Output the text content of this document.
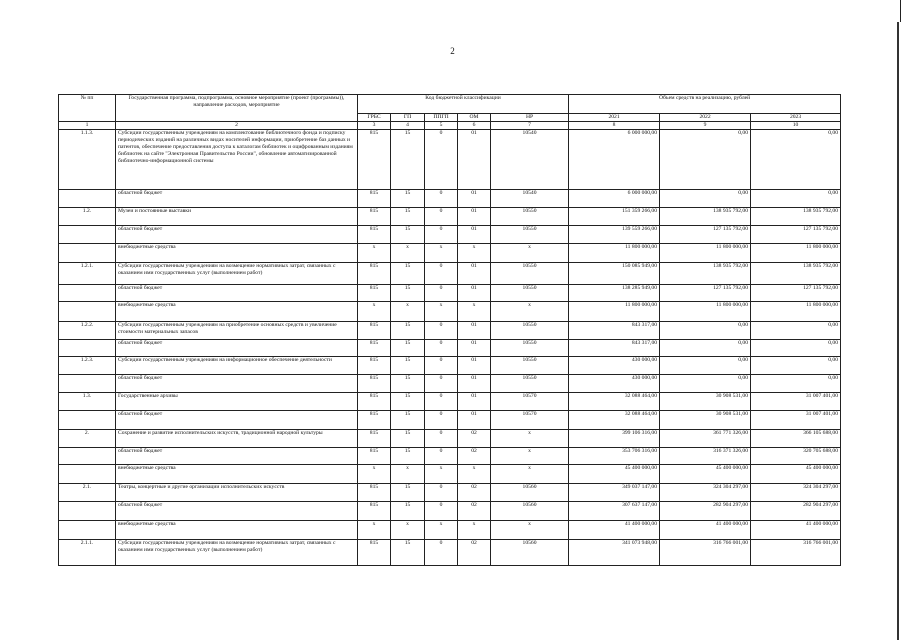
2
№ пп	Государственная программа, подпрограмма, основное мероприятие (проект (программы)), направление расходов, мероприятие	Код бюджетной классификации					Объем средств на реализацию, рублей		
		ГРБС	ГП	ППГП	ОМ	НР	2021	2022	2023
1	2	3	4	5	6	7	8	9	10
1.1.3.	Субсидии государственным учреждениям на комплектование библиотечного фонда и подписку периодических изданий на различных видах носителей информации, приобретение баз данных и патентов, обеспечение предоставления доступа к каталогам библиотек и оцифрованным изданиям библиотек на сайте "Электронная Правительство России", обновление автоматизированной библиотечно-информационной системы	815	15	0	01	10540	6 000 000,00	0,00	0,00
	областной бюджет	815	15	0	01	10540	6 000 000,00	0,00	0,00
1.2.	Музеи и постоянные выставки	815	15	0	01	10550	151 359 266,00	138 935 792,00	138 935 792,00
	областной бюджет	815	15	0	01	10550	139 559 266,00	127 135 792,00	127 135 792,00
	внебюджетные средства	х	х	х	х	х	11 800 000,00	11 800 000,00	11 800 000,00
1.2.1.	Субсидии государственным учреждениям на возмещение нормативных затрат, связанных с оказанием ими государственных услуг (выполнением работ)	815	15	0	01	10550	150 085 949,00	138 935 792,00	138 935 792,00
	областной бюджет	815	15	0	01	10550	138 285 949,00	127 135 792,00	127 135 792,00
	внебюджетные средства	х	х	х	х	х	11 800 000,00	11 800 000,00	11 800 000,00
1.2.2.	Субсидии государственным учреждениям на приобретение основных средств и увеличение стоимости материальных запасов	815	15	0	01	10550	843 317,00	0,00	0,00
	областной бюджет	815	15	0	01	10550	843 317,00	0,00	0,00
1.2.3.	Субсидии государственным учреждениям на информационное обеспечение деятельности	815	15	0	01	10550	430 000,00	0,00	0,00
	областной бюджет	815	15	0	01	10550	430 000,00	0,00	0,00
1.3.	Государственные архивы	815	15	0	01	10570	32 088 464,00	30 908 531,00	31 007 401,00
	областной бюджет	815	15	0	01	10570	32 088 464,00	30 908 531,00	31 007 401,00
2.	Сохранение и развитие исполнительских искусств, традиционной народной культуры	815	15	0	02	х	399 106 316,00	361 771 326,00	366 105 688,00
	областной бюджет	815	15	0	02	х	353 706 316,00	316 371 326,00	320 705 688,00
	внебюджетные средства	х	х	х	х	х	45 400 000,00	45 400 000,00	45 400 000,00
2.1.	Театры, концертные и другие организации исполнительских искусств	815	15	0	02	10560	349 037 147,00	324 304 297,00	324 304 297,00
	областной бюджет	815	15	0	02	10560	307 637 147,00	282 904 297,00	282 904 297,00
	внебюджетные средства	х	х	х	х	х	41 400 000,00	41 400 000,00	41 400 000,00
2.1.1.	Субсидии государственным учреждениям на возмещение нормативных затрат, связанных с оказанием ими государственных услуг (выполнением работ)	815	15	0	02	10560	341 073 948,00	316 766 001,00	316 766 001,00
